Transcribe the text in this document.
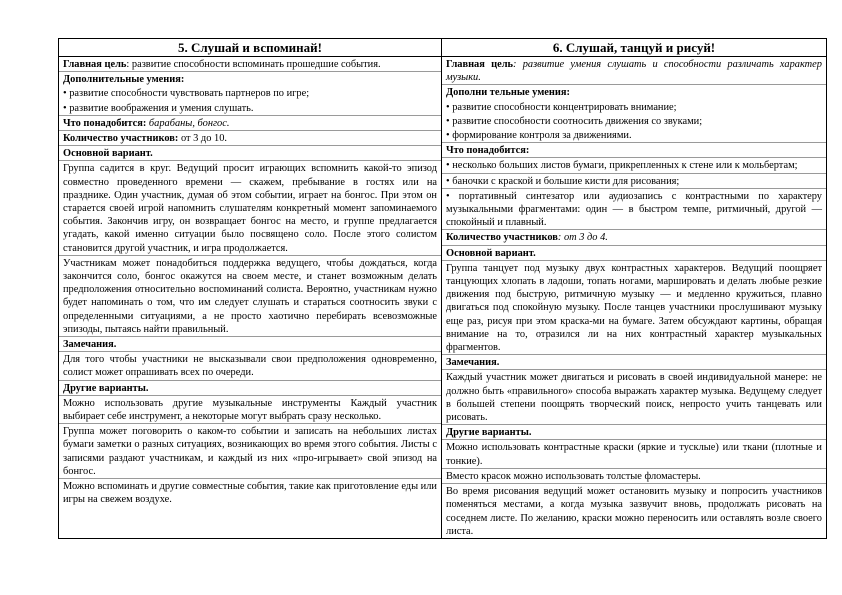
5. Слушай и вспоминай!
Главная цель: развитие способности вспоминать прошедшие события.
Дополнительные умения:
• развитие способности чувствовать партнеров по игре;
• развитие воображения и умения слушать.
Что понадобится: барабаны, бонгос.
Количество участников: от 3 до 10.
Основной вариант.
Группа садится в круг. Ведущий просит играющих вспомнить какой-то эпизод совместно проведенного времени — скажем, пребывание в гостях или на празднике. Один участник, думая об этом событии, играет на бонгос. При этом он старается своей игрой напомнить слушателям конкретный момент запоминаемого события. Закончив игру, он возвращает бонгос на место, и группе предлагается угадать, какой именно ситуации было посвящено соло. После этого солистом становится другой участник, и игра продолжается.
Участникам может понадобиться поддержка ведущего, чтобы дождаться, когда закончится соло, бонгос окажутся на своем месте, и станет возможным делать предположения относительно воспоминаний солиста. Вероятно, участникам нужно будет напоминать о том, что им следует слушать и стараться соотносить звуки с определенными ситуациями, а не просто хаотично перебирать всевозможные эпизоды, пытаясь найти правильный.
Замечания.
Для того чтобы участники не высказывали свои предположения одновременно, солист может опрашивать всех по очереди.
Другие варианты.
Можно использовать другие музыкальные инструменты Каждый участник выбирает себе инструмент, а некоторые могут выбрать сразу несколько.
Группа может поговорить о каком-то событии и записать на небольших листах бумаги заметки о разных ситуациях, возникающих во время этого события. Листы с записями раздают участникам, и каждый из них «про-игрывает» свой эпизод на бонгос.
Можно вспоминать и другие совместные события, такие как приготовление еды или игры на свежем воздухе.

6. Слушай, танцуй и рисуй!
Главная цель: развитие умения слушать и способности различать характер музыки.
Дополни тельные умения:
• развитие способности концентрировать внимание;
• развитие способности соотносить движения со звуками;
• формирование контроля за движениями.
Что понадобится:
• несколько больших листов бумаги, прикрепленных к стене или к мольбертам;
• баночки с краской и большие кисти для рисования;
• портативный синтезатор или аудиозапись с контрастными по характеру музыкальными фрагментами: один — в быстром темпе, ритмичный, другой — спокойный и плавный.
Количество участников: от 3 до 4.
Основной вариант.
Группа танцует под музыку двух контрастных характеров. Ведущий поощряет танцующих хлопать в ладоши, топать ногами, маршировать и делать любые резкие движения под быструю, ритмичную музыку — и медленно кружиться, плавно двигаться под спокойную музыку. После танцев участники прослушивают музыку еще раз, рисуя при этом краска-ми на бумаге. Затем обсуждают картины, обращая внимание на то, отразился ли на них контрастный характер музыкальных фрагментов.
Замечания.
Каждый участник может двигаться и рисовать в своей индивидуальной манере: не должно быть «правильного» способа выражать характер музыка. Ведущему следует в большей степени поощрять творческий поиск, непросто учить танцевать или рисовать.
Другие варианты.
Можно использовать контрастные краски (яркие и тусклые) или ткани (плотные и тонкие).
Вместо красок можно использовать толстые фломастеры.
Во время рисования ведущий может остановить музыку и попросить участников поменяться местами, а когда музыка зазвучит вновь, продолжать рисовать на соседнем листе. По желанию, краски можно переносить или оставлять возле своего листа.
